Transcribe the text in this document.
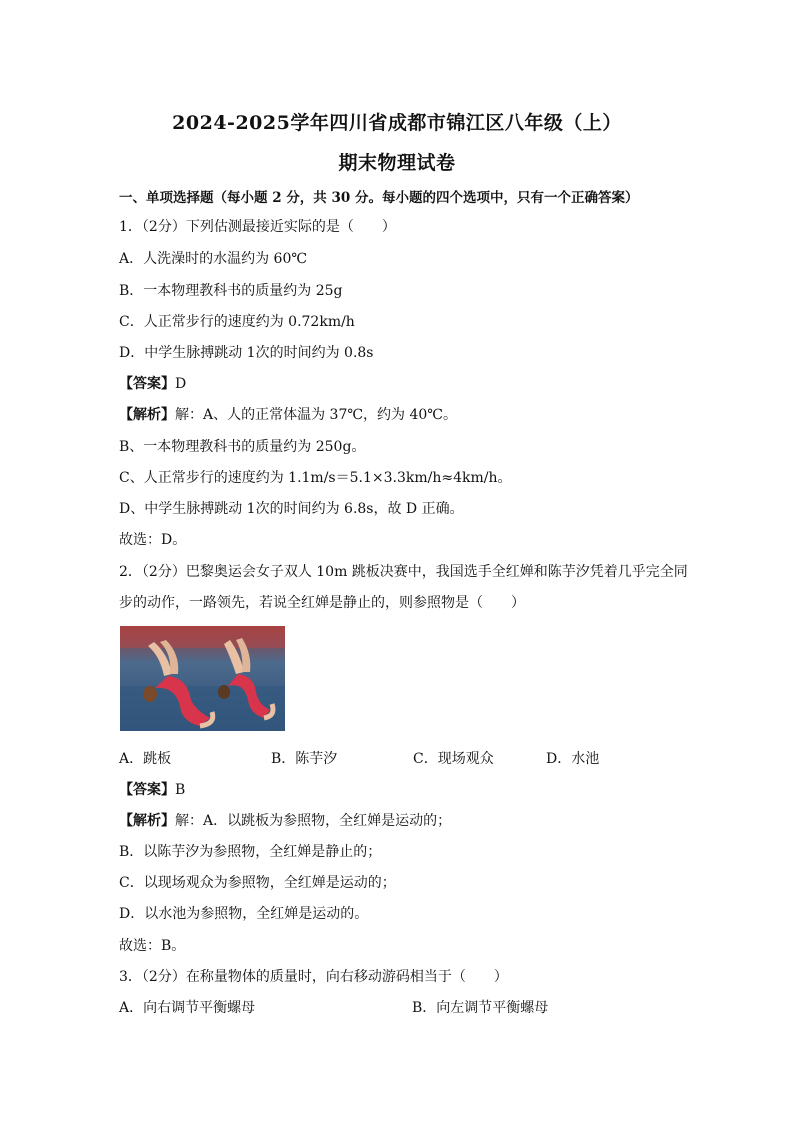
2024-2025学年四川省成都市锦江区八年级（上）
期末物理试卷
一、单项选择题（每小题 2 分，共 30 分。每小题的四个选项中，只有一个正确答案）
1．（2分）下列估测最接近实际的是（　　）
A．人洗澡时的水温约为 60℃
B．一本物理教科书的质量约为 25g
C．人正常步行的速度约为 0.72km/h
D．中学生脉搏跳动 1次的时间约为 0.8s
【答案】D
【解析】解：A、人的正常体温为 37℃，约为 40℃。
B、一本物理教科书的质量约为 250g。
C、人正常步行的速度约为 1.1m/s＝5.1×3.3km/h≈4km/h。
D、中学生脉搏跳动 1次的时间约为 6.8s，故 D 正确。
故选：D。
2．（2分）巴黎奥运会女子双人 10m 跳板决赛中，我国选手全红婵和陈芋汐凭着几乎完全同
步的动作，一路领先，若说全红婵是静止的，则参照物是（　　）
A．跳板	B．陈芋汐	C．现场观众	D．水池
【答案】B
【解析】解：A．以跳板为参照物，全红婵是运动的；
B．以陈芋汐为参照物，全红婵是静止的；
C．以现场观众为参照物，全红婵是运动的；
D．以水池为参照物，全红婵是运动的。
故选：B。
3．（2分）在称量物体的质量时，向右移动游码相当于（　　）
A．向右调节平衡螺母	B．向左调节平衡螺母
